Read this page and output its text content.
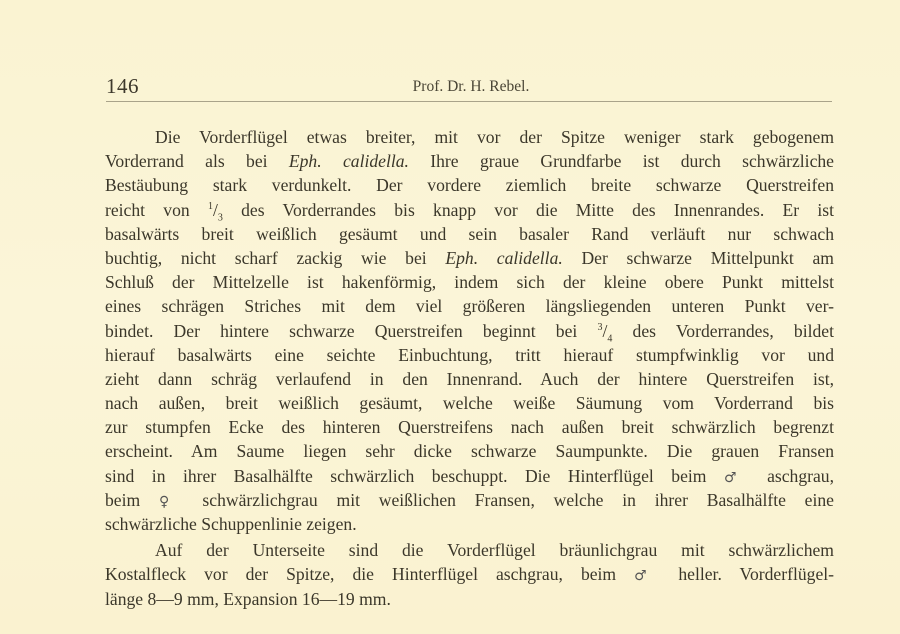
146	Prof. Dr. H. Rebel.
Die Vorderflügel etwas breiter, mit vor der Spitze weniger stark gebogenem
Vorderrand als bei Eph. calidella. Ihre graue Grundfarbe ist durch schwärzliche
Bestäubung stark verdunkelt. Der vordere ziemlich breite schwarze Querstreifen
reicht von $^1/_3$ des Vorderrandes bis knapp vor die Mitte des Innenrandes. Er ist
basalwärts breit weißlich gesäumt und sein basaler Rand verläuft nur schwach
buchtig, nicht scharf zackig wie bei Eph. calidella. Der schwarze Mittelpunkt am
Schluß der Mittelzelle ist hakenförmig, indem sich der kleine obere Punkt mittelst
eines schrägen Striches mit dem viel größeren längsliegenden unteren Punkt ver-
bindet. Der hintere schwarze Querstreifen beginnt bei $^3/_4$ des Vorderrandes, bildet
hierauf basalwärts eine seichte Einbuchtung, tritt hierauf stumpfwinklig vor und
zieht dann schräg verlaufend in den Innenrand. Auch der hintere Querstreifen ist,
nach außen, breit weißlich gesäumt, welche weiße Säumung vom Vorderrand bis
zur stumpfen Ecke des hinteren Querstreifens nach außen breit schwärzlich begrenzt
erscheint. Am Saume liegen sehr dicke schwarze Saumpunkte. Die grauen Fransen
sind in ihrer Basalhälfte schwärzlich beschuppt. Die Hinterflügel beim ♂ aschgrau,
beim ♀ schwärzlichgrau mit weißlichen Fransen, welche in ihrer Basalhälfte eine
schwärzliche Schuppenlinie zeigen.
Auf der Unterseite sind die Vorderflügel bräunlichgrau mit schwärzlichem
Kostalfleck vor der Spitze, die Hinterflügel aschgrau, beim ♂ heller. Vorderflügel-
länge 8—9 mm, Expansion 16—19 mm.
